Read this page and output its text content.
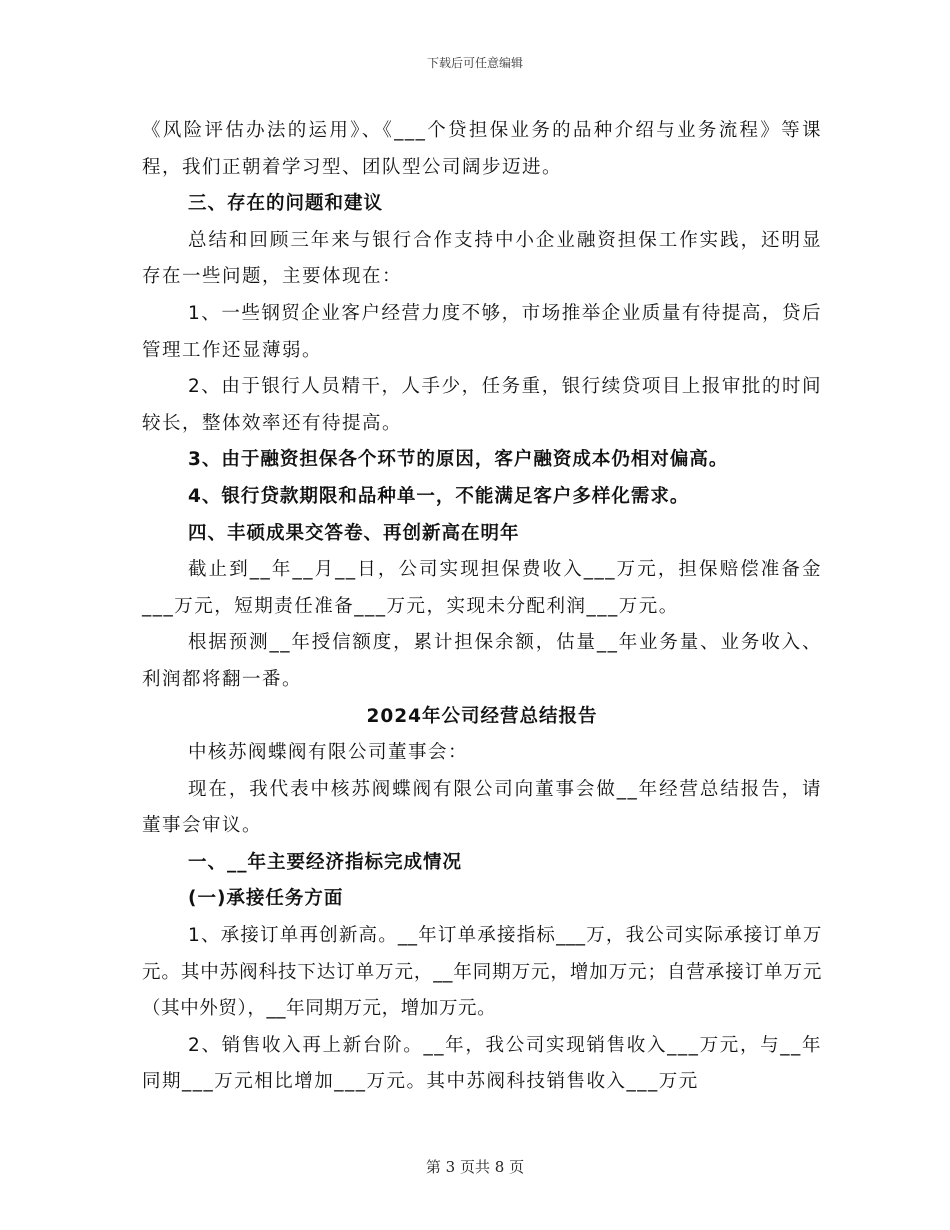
下载后可任意编辑

《风险评估办法的运用》、《___个贷担保业务的品种介绍与业务流程》等课程，我们正朝着学习型、团队型公司阔步迈进。

三、存在的问题和建议

总结和回顾三年来与银行合作支持中小企业融资担保工作实践，还明显存在一些问题，主要体现在：

1、一些钢贸企业客户经营力度不够，市场推举企业质量有待提高，贷后管理工作还显薄弱。

2、由于银行人员精干，人手少，任务重，银行续贷项目上报审批的时间较长，整体效率还有待提高。

3、由于融资担保各个环节的原因，客户融资成本仍相对偏高。

4、银行贷款期限和品种单一，不能满足客户多样化需求。

四、丰硕成果交答卷、再创新高在明年

截止到__年__月__日，公司实现担保费收入___万元，担保赔偿准备金___万元，短期责任准备___万元，实现未分配利润___万元。

根据预测__年授信额度，累计担保余额，估量__年业务量、业务收入、利润都将翻一番。

2024年公司经营总结报告

中核苏阀蝶阀有限公司董事会：

现在，我代表中核苏阀蝶阀有限公司向董事会做__年经营总结报告，请董事会审议。

一、__年主要经济指标完成情况

(一)承接任务方面

1、承接订单再创新高。__年订单承接指标___万，我公司实际承接订单万元。其中苏阀科技下达订单万元，__年同期万元，增加万元；自营承接订单万元（其中外贸），__年同期万元，增加万元。

2、销售收入再上新台阶。__年，我公司实现销售收入___万元，与__年同期___万元相比增加___万元。其中苏阀科技销售收入___万元

第 3 页共 8 页
